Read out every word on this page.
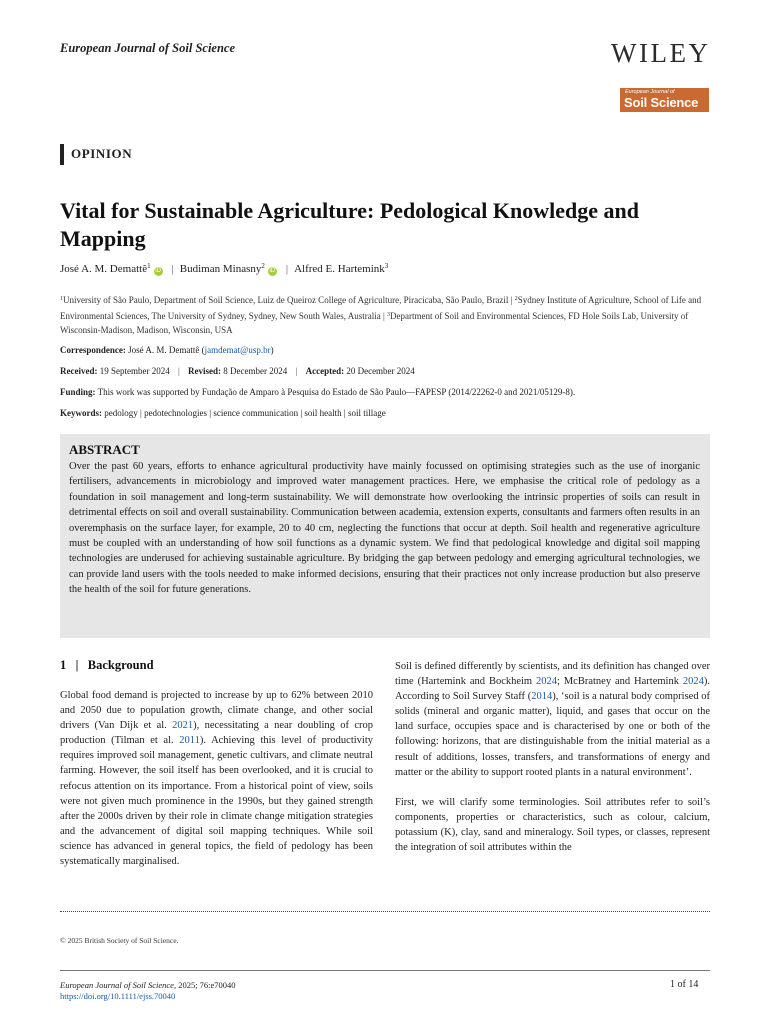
European Journal of Soil Science	WILEY
European Journal of
Soil Science
OPINION
Vital for Sustainable Agriculture: Pedological Knowledge and Mapping
José A. M. Demattê$^1$iD | Budiman Minasny$^2$iD | Alfred E. Hartemink$^3$
$^1$University of São Paulo, Department of Soil Science, Luiz de Queiroz College of Agriculture, Piracicaba, São Paulo, Brazil | $^2$Sydney Institute of Agriculture, School of Life and Environmental Sciences, The University of Sydney, Sydney, New South Wales, Australia | $^3$Department of Soil and Environmental Sciences, FD Hole Soils Lab, University of Wisconsin-Madison, Madison, Wisconsin, USA
Correspondence: José A. M. Demattê (jamdemat@usp.br)
Received: 19 September 2024 | Revised: 8 December 2024 | Accepted: 20 December 2024
Funding: This work was supported by Fundação de Amparo à Pesquisa do Estado de São Paulo—FAPESP (2014/22262-0 and 2021/05129-8).
Keywords: pedology | pedotechnologies | science communication | soil health | soil tillage
ABSTRACT
Over the past 60 years, efforts to enhance agricultural productivity have mainly focussed on optimising strategies such as the use of inorganic fertilisers, advancements in microbiology and improved water management practices. Here, we emphasise the critical role of pedology as a foundation in soil management and long-term sustainability. We will demonstrate how overlooking the intrinsic properties of soils can result in detrimental effects on soil and overall sustainability. Communication between academia, extension experts, consultants and farmers often results in an overemphasis on the surface layer, for example, 20 to 40 cm, neglecting the functions that occur at depth. Soil health and regenerative agriculture must be coupled with an understanding of how soil functions as a dynamic system. We find that pedological knowledge and digital soil mapping technologies are underused for achieving sustainable agriculture. By bridging the gap between pedology and emerging agricultural technologies, we can provide land users with the tools needed to make informed decisions, ensuring that their practices not only increase production but also preserve the health of the soil for future generations.
1   |   Background

Global food demand is projected to increase by up to 62% between 2010 and 2050 due to population growth, climate change, and other social drivers (Van Dijk et al. 2021), necessitating a near doubling of crop production (Tilman et al. 2011). Achieving this level of productivity requires improved soil management, genetic cultivars, and climate neutral farming. However, the soil itself has been overlooked, and it is crucial to refocus attention on its importance. From a historical point of view, soils were not given much prominence in the 1990s, but they gained strength after the 2000s driven by their role in climate change mitigation strategies and the advancement of digital soil mapping techniques. While soil science has advanced in general topics, the field of pedology has been systematically marginalised.

Soil is defined differently by scientists, and its definition has changed over time (Hartemink and Bockheim 2024; McBratney and Hartemink 2024). According to Soil Survey Staff (2014), ‘soil is a natural body comprised of solids (mineral and organic matter), liquid, and gases that occur on the land surface, occupies space and is characterised by one or both of the following: horizons, that are distinguishable from the initial material as a result of additions, losses, transfers, and transformations of energy and matter or the ability to support rooted plants in a natural environment’.

First, we will clarify some terminologies. Soil attributes refer to soil’s components, properties or characteristics, such as colour, calcium, potassium (K), clay, sand and mineralogy. Soil types, or classes, represent the integration of soil attributes within the

© 2025 British Society of Soil Science.
European Journal of Soil Science, 2025; 76:e70040
https://doi.org/10.1111/ejss.70040
1 of 14
